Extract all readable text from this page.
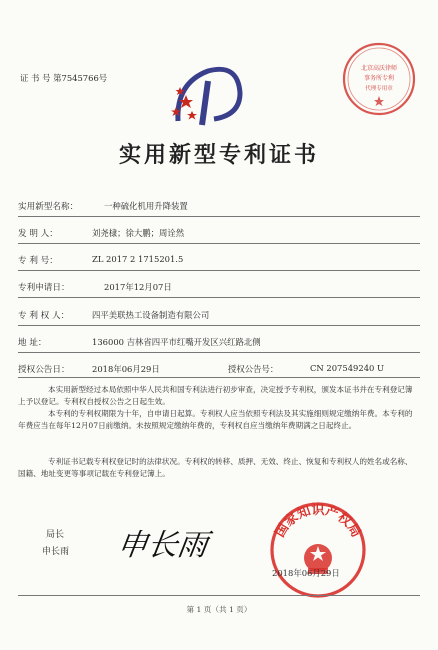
证 书 号 第7545766号
北京高沃律师
事务所专利
代理专用章
实用新型专利证书
实用新型名称：	一种硫化机用升降装置
发 明 人：	刘尧棣；徐大鹏；周诠然
专 利 号：	ZL 2017 2 1715201.5
专利申请日：	2017年12月07日
专 利 权 人：	四平美联热工设备制造有限公司
地 址：	136000 吉林省四平市红嘴开发区兴红路北侧
授权公告日：	2018年06月29日	授权公告号：	CN 207549240 U
本实用新型经过本局依照中华人民共和国专利法进行初步审查，决定授予专利权，颁发本证书并在专利登记簿上予以登记。专利权自授权公告之日起生效。
本专利的专利权期限为十年，自申请日起算。专利权人应当依照专利法及其实施细则规定缴纳年费。本专利的年费应当在每年12月07日前缴纳。未按照规定缴纳年费的，专利权自应当缴纳年费期满之日起终止。
专利证书记载专利权登记时的法律状况。专利权的转移、质押、无效、终止、恢复和专利权人的姓名或名称、国籍、地址变更等事项记载在专利登记簿上。
局长
申长雨 申长雨	国家知识产权局
2018年06月29日
第 1 页（共 1 页）
